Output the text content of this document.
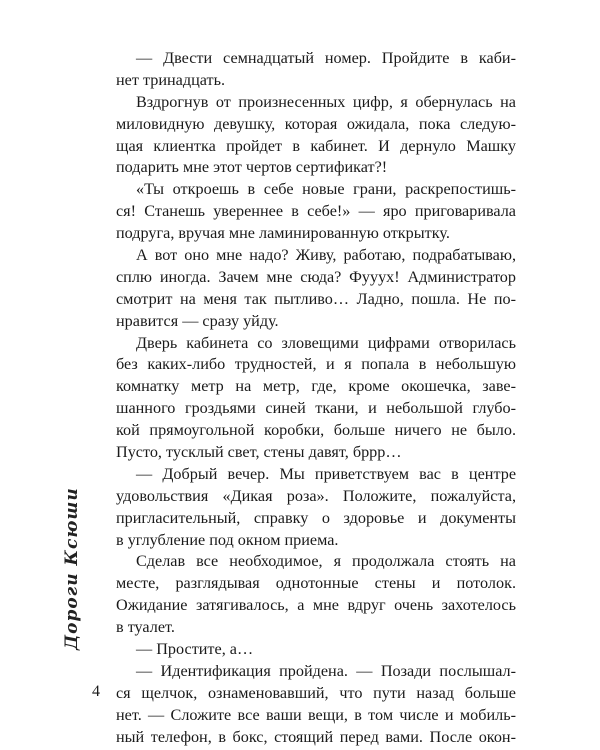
— Двести семнадцатый номер. Пройдите в каби-
нет тринадцать.
Вздрогнув от произнесенных цифр, я обернулась на
миловидную девушку, которая ожидала, пока следую-
щая клиентка пройдет в кабинет. И дернуло Машку
подарить мне этот чертов сертификат?!
«Ты откроешь в себе новые грани, раскрепостишь-
ся! Станешь увереннее в себе!» — яро приговаривала
подруга, вручая мне ламинированную открытку.
А вот оно мне надо? Живу, работаю, подрабатываю,
сплю иногда. Зачем мне сюда? Фууух! Администратор
смотрит на меня так пытливо… Ладно, пошла. Не по-
нравится — сразу уйду.
Дверь кабинета со зловещими цифрами отворилась
без каких-либо трудностей, и я попала в небольшую
комнатку метр на метр, где, кроме окошечка, заве-
шанного гроздьями синей ткани, и небольшой глубо-
кой прямоугольной коробки, больше ничего не было.
Пусто, тусклый свет, стены давят, бррр…
— Добрый вечер. Мы приветствуем вас в центре
удовольствия «Дикая роза». Положите, пожалуйста,
пригласительный, справку о здоровье и документы
в углубление под окном приема.
Сделав все необходимое, я продолжала стоять на
месте, разглядывая однотонные стены и потолок.
Ожидание затягивалось, а мне вдруг очень захотелось
в туалет.
— Простите, а…
— Идентификация пройдена. — Позади послышал-
ся щелчок, ознаменовавший, что пути назад больше
нет. — Сложите все ваши вещи, в том числе и мобиль-
ный телефон, в бокс, стоящий перед вами. После окон-
Дороги Ксюши
4
